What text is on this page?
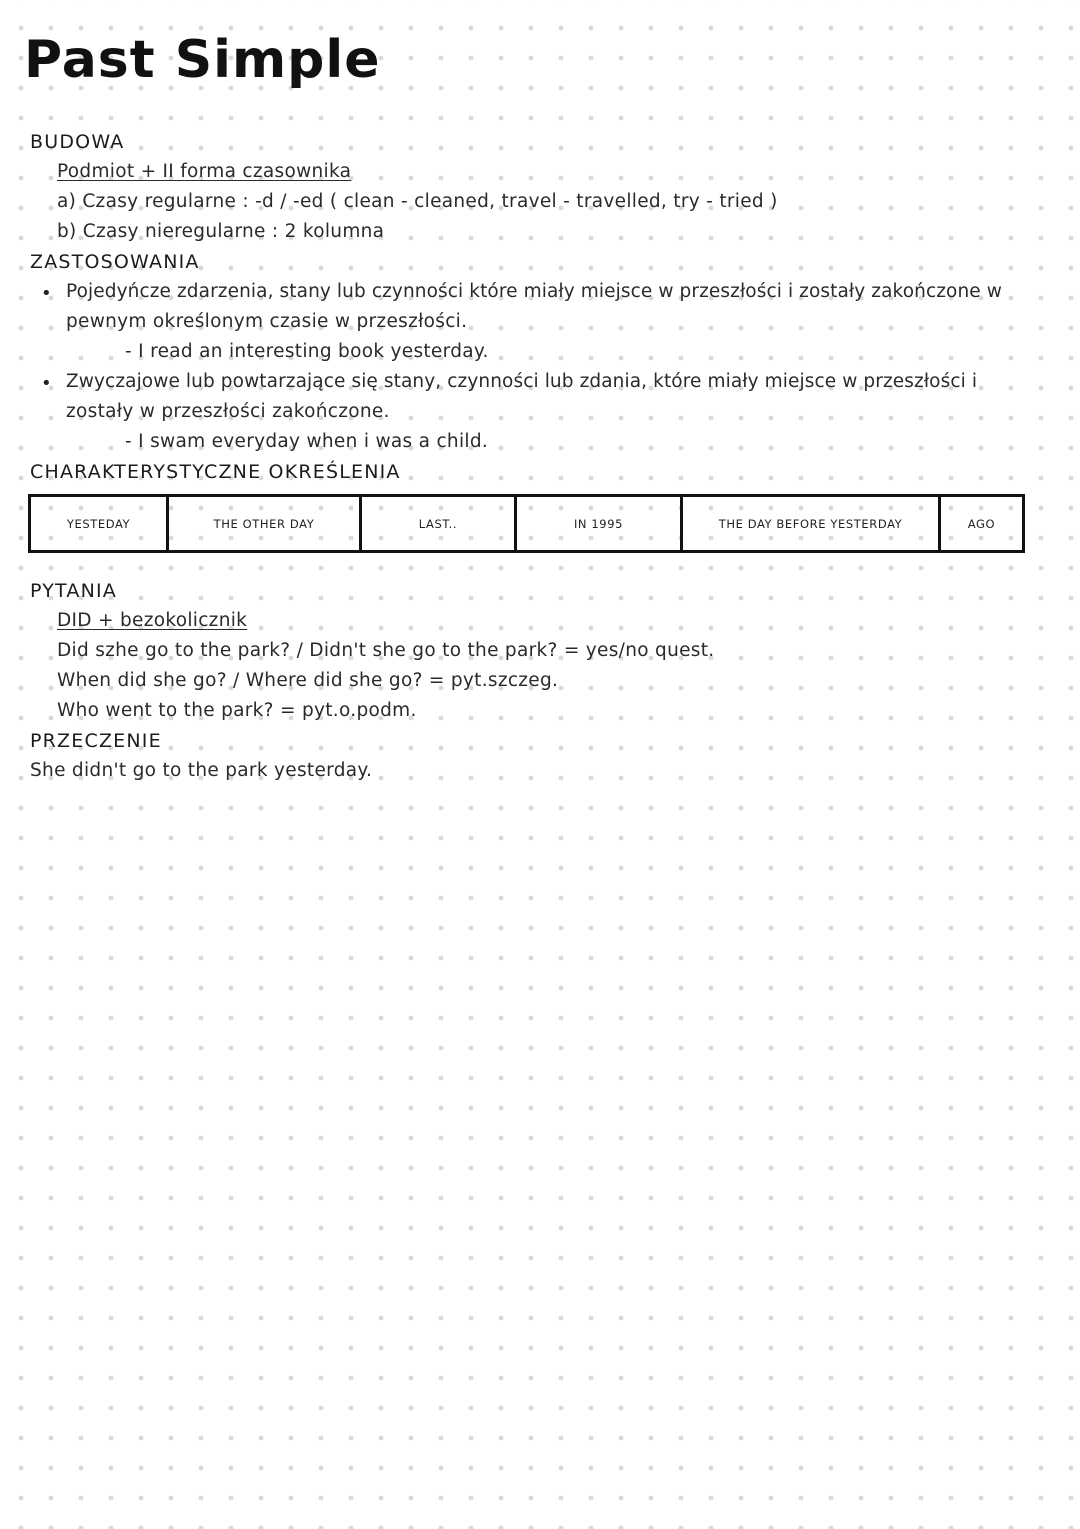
Past Simple
BUDOWA
Podmiot + II forma czasownika
a) Czasy regularne : -d / -ed ( clean - cleaned, travel - travelled, try - tried )
b) Czasy nieregularne : 2 kolumna
ZASTOSOWANIA
• Pojedyńcze zdarzenia, stany lub czynności które miały miejsce w przeszłości i zostały zakończone w
pewnym określonym czasie w przeszłości.
- I read an interesting book yesterday.
• Zwyczajowe lub powtarzające się stany, czynności lub zdania, które miały miejsce w przeszłości i
zostały w przeszłości zakończone.
- I swam everyday when i was a child.
CHARAKTERYSTYCZNE OKREŚLENIA
YESTEDAY	THE OTHER DAY	LAST..	IN 1995	THE DAY BEFORE YESTERDAY	AGO
PYTANIA
DID + bezokolicznik
Did szhe go to the park? / Didn't she go to the park? = yes/no quest.
When did she go? / Where did she go? = pyt.szczeg.
Who went to the park? = pyt.o.podm.
PRZECZENIE
She didn't go to the park yesterday.
